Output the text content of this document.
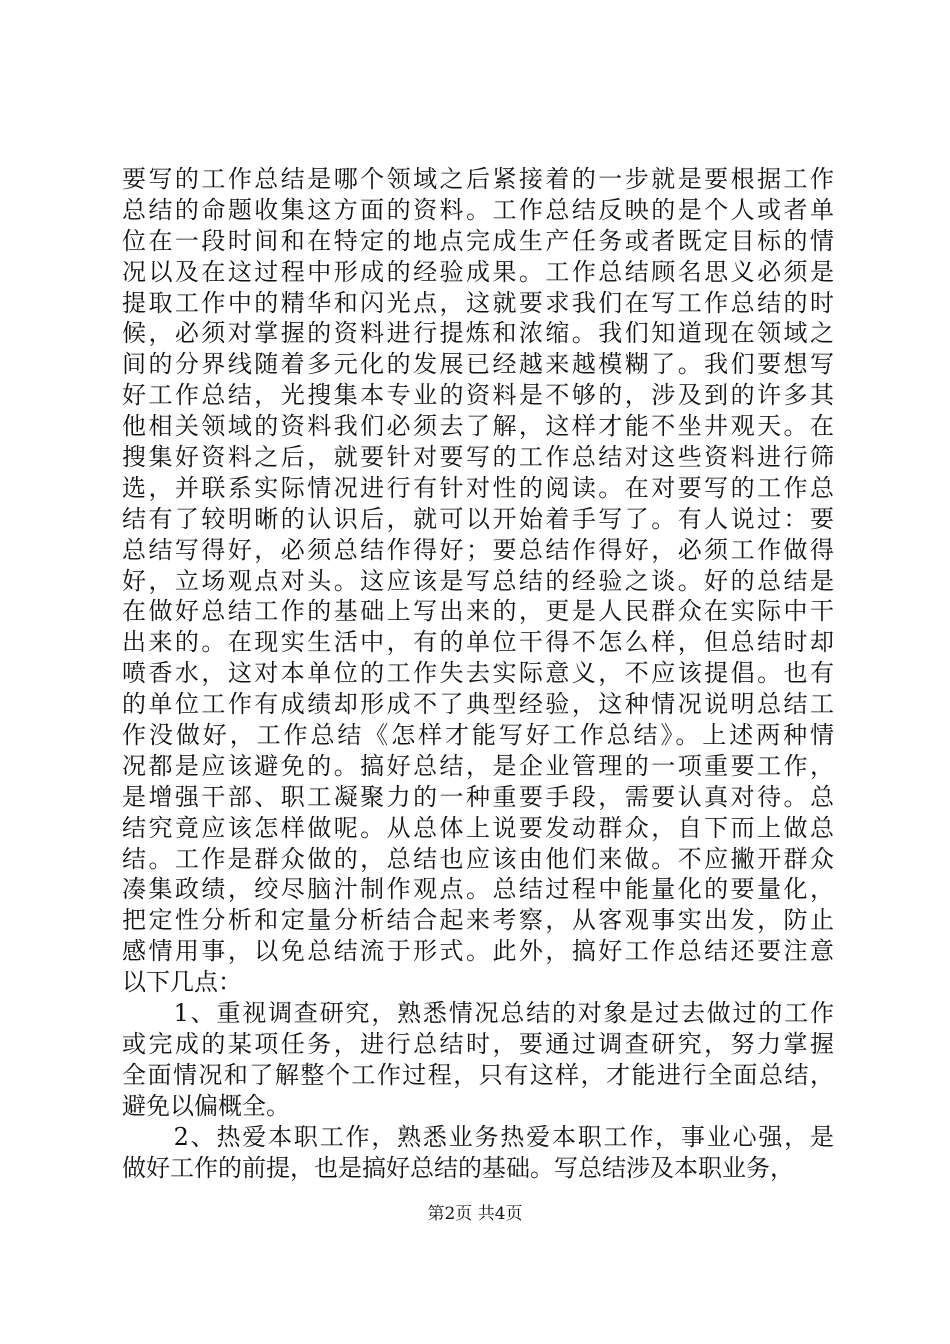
要写的工作总结是哪个领域之后紧接着的一步就是要根据工作
总结的命题收集这方面的资料。工作总结反映的是个人或者单
位在一段时间和在特定的地点完成生产任务或者既定目标的情
况以及在这过程中形成的经验成果。工作总结顾名思义必须是
提取工作中的精华和闪光点，这就要求我们在写工作总结的时
候，必须对掌握的资料进行提炼和浓缩。我们知道现在领域之
间的分界线随着多元化的发展已经越来越模糊了。我们要想写
好工作总结，光搜集本专业的资料是不够的，涉及到的许多其
他相关领域的资料我们必须去了解，这样才能不坐井观天。在
搜集好资料之后，就要针对要写的工作总结对这些资料进行筛
选，并联系实际情况进行有针对性的阅读。在对要写的工作总
结有了较明晰的认识后，就可以开始着手写了。有人说过：要
总结写得好，必须总结作得好；要总结作得好，必须工作做得
好，立场观点对头。这应该是写总结的经验之谈。好的总结是
在做好总结工作的基础上写出来的，更是人民群众在实际中干
出来的。在现实生活中，有的单位干得不怎么样，但总结时却
喷香水，这对本单位的工作失去实际意义，不应该提倡。也有
的单位工作有成绩却形成不了典型经验，这种情况说明总结工
作没做好，工作总结《怎样才能写好工作总结》。上述两种情
况都是应该避免的。搞好总结，是企业管理的一项重要工作，
是增强干部、职工凝聚力的一种重要手段，需要认真对待。总
结究竟应该怎样做呢。从总体上说要发动群众，自下而上做总
结。工作是群众做的，总结也应该由他们来做。不应撇开群众
凑集政绩，绞尽脑汁制作观点。总结过程中能量化的要量化，
把定性分析和定量分析结合起来考察，从客观事实出发，防止
感情用事，以免总结流于形式。此外，搞好工作总结还要注意
以下几点：
　　1、重视调查研究，熟悉情况总结的对象是过去做过的工作
或完成的某项任务，进行总结时，要通过调查研究，努力掌握
全面情况和了解整个工作过程，只有这样，才能进行全面总结，
避免以偏概全。
　　2、热爱本职工作，熟悉业务热爱本职工作，事业心强，是
做好工作的前提，也是搞好总结的基础。写总结涉及本职业务，
第2页 共4页
